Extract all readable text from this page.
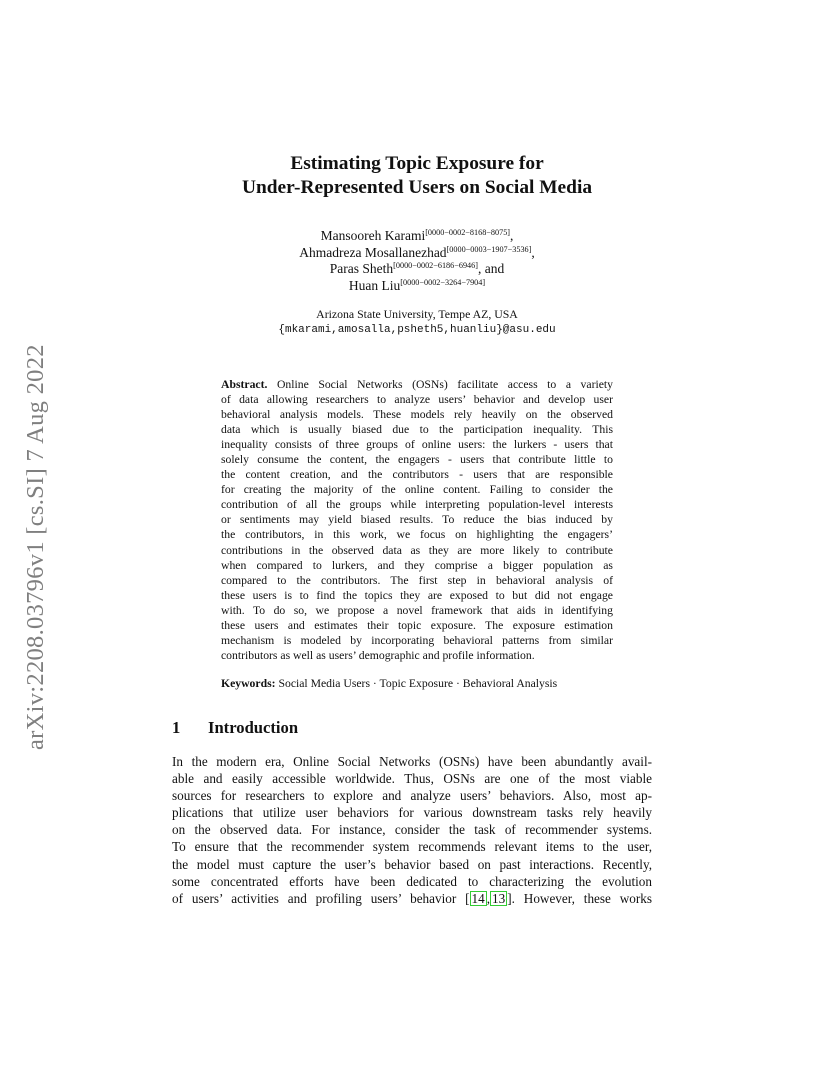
arXiv:2208.03796v1 [cs.SI] 7 Aug 2022
Estimating Topic Exposure for
Under-Represented Users on Social Media
Mansooreh Karami[0000−0002−8168−8075],
Ahmadreza Mosallanezhad[0000−0003−1907−3536],
Paras Sheth[0000−0002−6186−6946], and
Huan Liu[0000−0002−3264−7904]
Arizona State University, Tempe AZ, USA
{mkarami,amosalla,psheth5,huanliu}@asu.edu
Abstract. Online Social Networks (OSNs) facilitate access to a variety
of data allowing researchers to analyze users’ behavior and develop user
behavioral analysis models. These models rely heavily on the observed
data which is usually biased due to the participation inequality. This
inequality consists of three groups of online users: the lurkers - users that
solely consume the content, the engagers - users that contribute little to
the content creation, and the contributors - users that are responsible
for creating the majority of the online content. Failing to consider the
contribution of all the groups while interpreting population-level interests
or sentiments may yield biased results. To reduce the bias induced by
the contributors, in this work, we focus on highlighting the engagers’
contributions in the observed data as they are more likely to contribute
when compared to lurkers, and they comprise a bigger population as
compared to the contributors. The first step in behavioral analysis of
these users is to find the topics they are exposed to but did not engage
with. To do so, we propose a novel framework that aids in identifying
these users and estimates their topic exposure. The exposure estimation
mechanism is modeled by incorporating behavioral patterns from similar
contributors as well as users’ demographic and profile information.
Keywords: Social Media Users · Topic Exposure · Behavioral Analysis
1 Introduction
In the modern era, Online Social Networks (OSNs) have been abundantly avail-
able and easily accessible worldwide. Thus, OSNs are one of the most viable
sources for researchers to explore and analyze users’ behaviors. Also, most ap-
plications that utilize user behaviors for various downstream tasks rely heavily
on the observed data. For instance, consider the task of recommender systems.
To ensure that the recommender system recommends relevant items to the user,
the model must capture the user’s behavior based on past interactions. Recently,
some concentrated efforts have been dedicated to characterizing the evolution
of users’ activities and profiling users’ behavior [ 14 , 13 ]. However, these works
